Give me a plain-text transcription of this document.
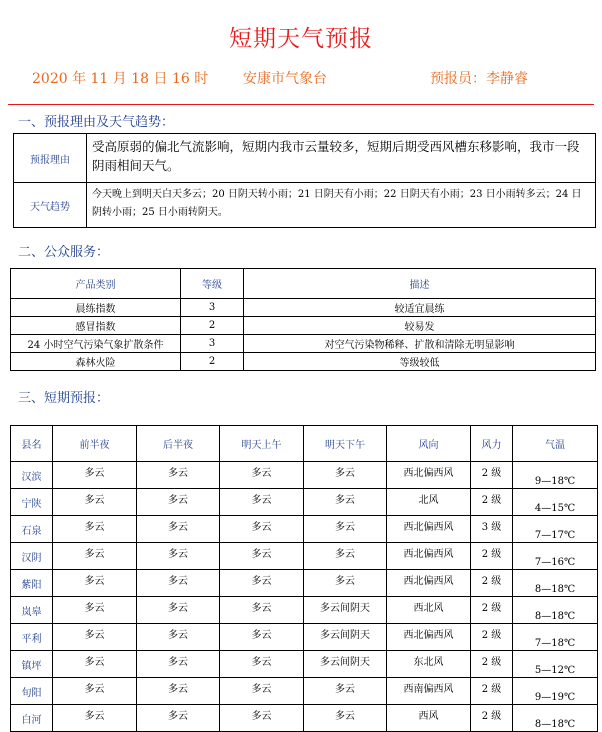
短期天气预报
2020 年 11 月 18 日 16 时 安康市气象台	预报员：李静睿
一、预报理由及天气趋势：
预报理由	受高原弱的偏北气流影响，短期内我市云量较多，短期后期受西风槽东移影响，我市一段阴雨相间天气。
天气趋势	今天晚上到明天白天多云；20 日阴天转小雨；21 日阴天有小雨；22 日阴天有小雨；23 日小雨转多云；24 日阴转小雨；25 日小雨转阴天。
二、公众服务：
产品类别	等级	描述
晨练指数	3	较适宜晨练
感冒指数	2	较易发
24 小时空气污染气象扩散条件	3	对空气污染物稀释、扩散和清除无明显影响
森林火险	2	等级较低
三、短期预报：
县名	前半夜	后半夜	明天上午	明天下午	风向	风力	气温
汉滨	多云	多云	多云	多云	西北偏西风	2 级	9—18℃
宁陕	多云	多云	多云	多云	北风	2 级	4—15℃
石泉	多云	多云	多云	多云	西北偏西风	3 级	7—17℃
汉阴	多云	多云	多云	多云	西北偏西风	2 级	7—16℃
紫阳	多云	多云	多云	多云	西北偏西风	2 级	8—18℃
岚皋	多云	多云	多云	多云间阴天	西北风	2 级	8—18℃
平利	多云	多云	多云	多云间阴天	西北偏西风	2 级	7—18℃
镇坪	多云	多云	多云	多云间阴天	东北风	2 级	5—12℃
旬阳	多云	多云	多云	多云	西南偏西风	2 级	9—19℃
白河	多云	多云	多云	多云	西风	2 级	8—18℃
